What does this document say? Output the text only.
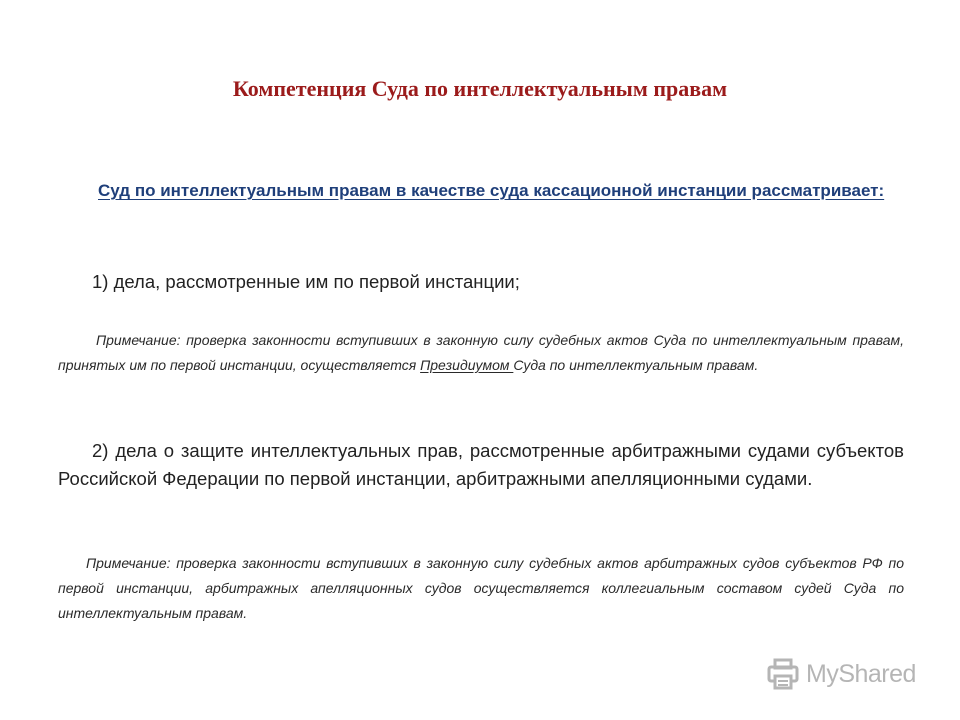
Компетенция Суда по интеллектуальным правам
Суд по интеллектуальным правам в качестве суда кассационной инстанции рассматривает:
1) дела, рассмотренные им по первой инстанции;
Примечание: проверка законности вступивших в законную силу судебных актов Суда по интеллектуальным правам, принятых им по первой инстанции, осуществляется Президиумом Суда по интеллектуальным правам.
2) дела о защите интеллектуальных прав, рассмотренные арбитражными судами субъектов Российской Федерации по первой инстанции, арбитражными апелляционными судами.
Примечание: проверка законности вступивших в законную силу судебных актов арбитражных судов субъектов РФ по первой инстанции, арбитражных апелляционных судов осуществляется коллегиальным составом судей Суда по интеллектуальным правам.
MyShared
